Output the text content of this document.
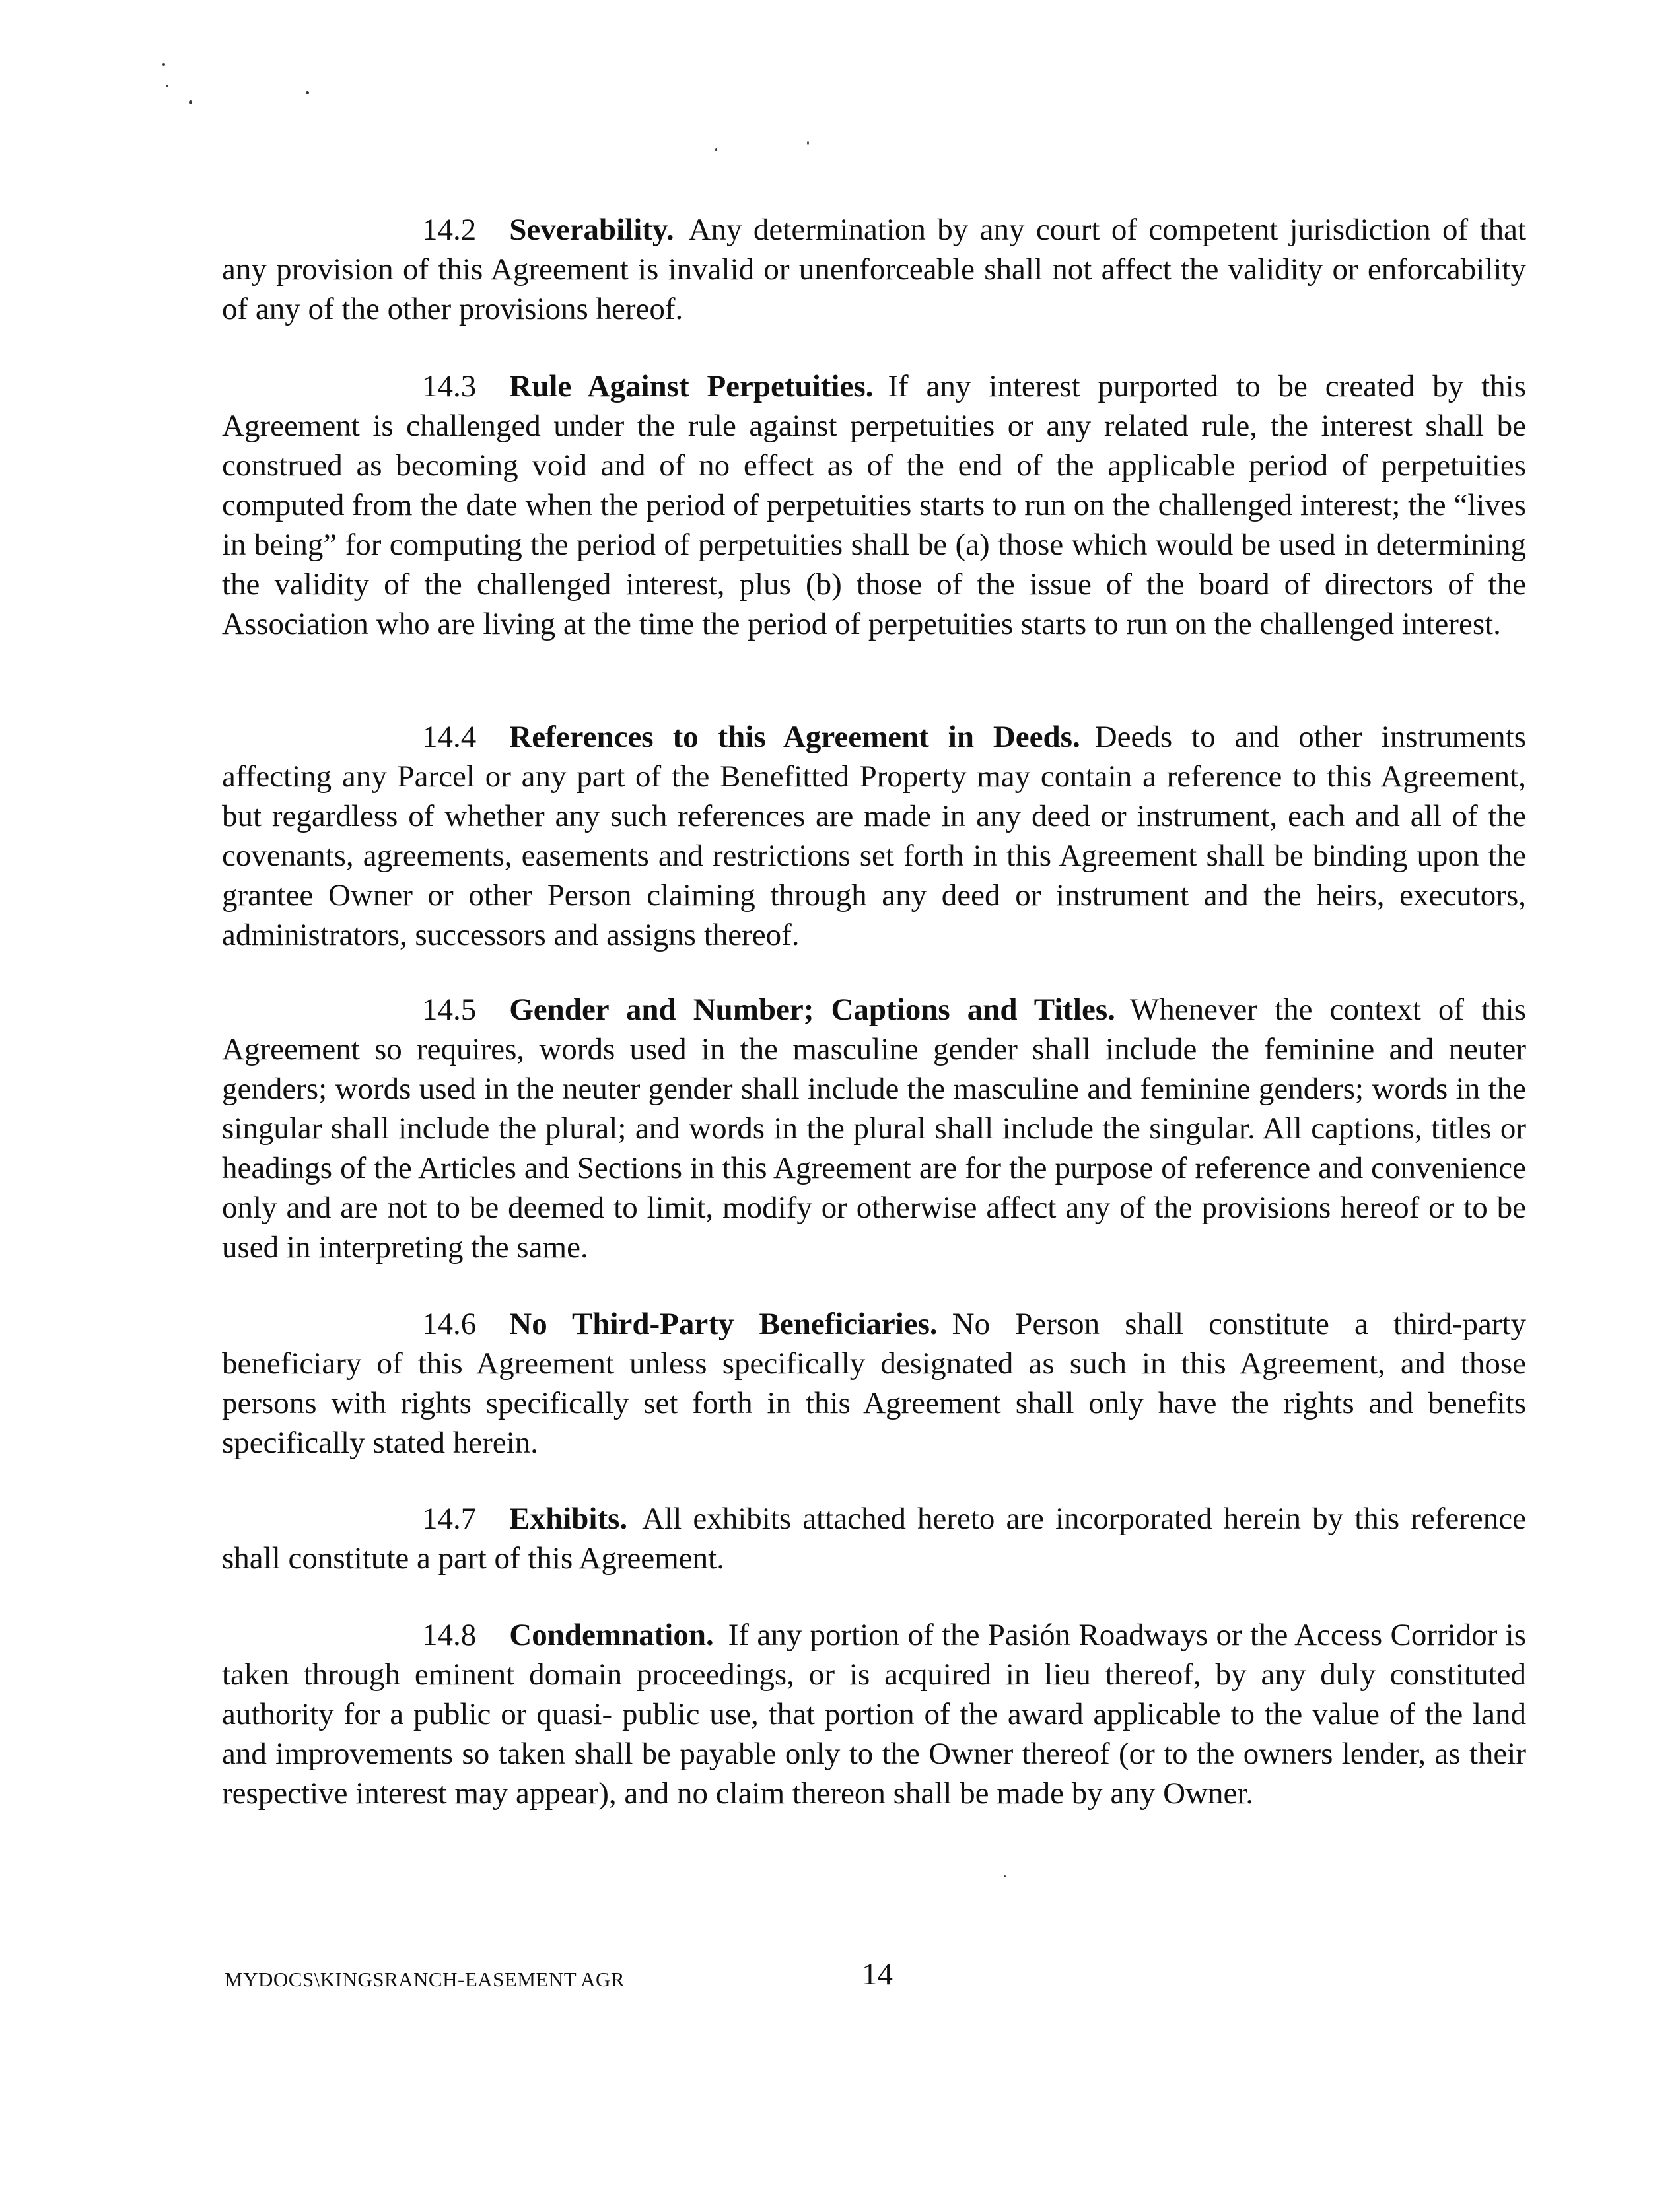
14.2 Severability. Any determination by any court of competent jurisdiction of that any provision of this Agreement is invalid or unenforceable shall not affect the validity or enforcability of any of the other provisions hereof.

14.3 Rule Against Perpetuities. If any interest purported to be created by this Agreement is challenged under the rule against perpetuities or any related rule, the interest shall be construed as becoming void and of no effect as of the end of the applicable period of perpetuities computed from the date when the period of perpetuities starts to run on the challenged interest; the “lives in being” for computing the period of perpetuities shall be (a) those which would be used in determining the validity of the challenged interest, plus (b) those of the issue of the board of directors of the Association who are living at the time the period of perpetuities starts to run on the challenged interest.

14.4 References to this Agreement in Deeds. Deeds to and other instruments affecting any Parcel or any part of the Benefitted Property may contain a reference to this Agreement, but regardless of whether any such references are made in any deed or instrument, each and all of the covenants, agreements, easements and restrictions set forth in this Agreement shall be binding upon the grantee Owner or other Person claiming through any deed or instrument and the heirs, executors, administrators, successors and assigns thereof.

14.5 Gender and Number; Captions and Titles. Whenever the context of this Agreement so requires, words used in the masculine gender shall include the feminine and neuter genders; words used in the neuter gender shall include the masculine and feminine genders; words in the singular shall include the plural; and words in the plural shall include the singular. All captions, titles or headings of the Articles and Sections in this Agreement are for the purpose of reference and convenience only and are not to be deemed to limit, modify or otherwise affect any of the provisions hereof or to be used in interpreting the same.

14.6 No Third-Party Beneficiaries. No Person shall constitute a third-party beneficiary of this Agreement unless specifically designated as such in this Agreement, and those persons with rights specifically set forth in this Agreement shall only have the rights and benefits specifically stated herein.

14.7 Exhibits. All exhibits attached hereto are incorporated herein by this reference shall constitute a part of this Agreement.

14.8 Condemnation. If any portion of the Pasión Roadways or the Access Corridor is taken through eminent domain proceedings, or is acquired in lieu thereof, by any duly constituted authority for a public or quasi- public use, that portion of the award applicable to the value of the land and improvements so taken shall be payable only to the Owner thereof (or to the owners lender, as their respective interest may appear), and no claim thereon shall be made by any Owner.

MYDOCS\KINGSRANCH-EASEMENT AGR	14
